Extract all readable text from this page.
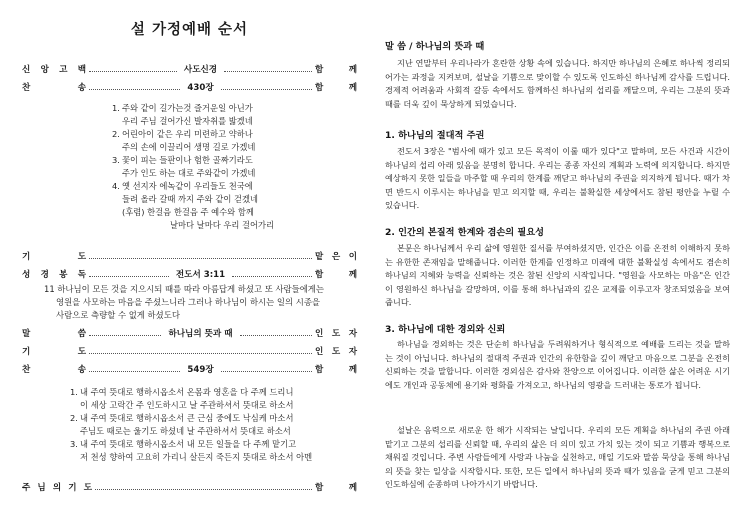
설 가정예배 순서
신 앙 고 백	사도신경	함	께
찬	송	430장	함	께
1. 주와 같이 길가는것 즐거운일 아닌가
우리 주님 걸어가신 발자취를 밟겠네
2. 어린아이 같은 우리 미련하고 약하나
주의 손에 이끌리어 생명 길로 가겠네
3. 꽃이 피는 들판이나 험한 골짜기라도
주가 인도 하는 대로 주와같이 가겠네
4. 옛 선지자 에녹같이 우리들도 천국에
들려 올라 갈때 까지 주와 같이 걷겠네
(후렴) 한걸음 한걸음 주 예수와 함께
날마다 날마다 우리 걸어가리
기	도	맡 은 이
성 경 봉 독	전도서 3:11	함	께
11 하나님이 모든 것을 지으시되 때를 따라 아름답게 하셨고 또 사람들에게는
영원을 사모하는 마음을 주셨느니라 그러나 하나님이 하시는 일의 시종을
사람으로 측량할 수 없게 하셨도다
말	씀	하나님의 뜻과 때	인 도 자
기	도	인 도 자
찬	송	549장	함	께
1. 내 주여 뜻대로 행하시옵소서 온몸과 영혼을 다 주께 드리니
이 세상 고락간 주 인도하시고 날 주관하셔서 뜻대로 하소서
2. 내 주여 뜻대로 행하시옵소서 큰 근심 중에도 낙심케 마소서
주님도 때로는 울기도 하셨네 날 주관하셔서 뜻대로 하소서
3. 내 주여 뜻대로 행하시옵소서 내 모든 일들을 다 주께 맡기고
저 천성 향하여 고요히 가리니 살든지 죽든지 뜻대로 하소서 아멘
주 님 의 기 도	함	께
말 씀 / 하나님의 뜻과 때
지난 연말부터 우리나라가 혼란한 상황 속에 있습니다. 하지만 하나님의 은혜로 하나씩 정리되어가는 과정을 지켜보며, 설날을 기쁨으로 맞이할 수 있도록 인도하신 하나님께 감사를 드립니다. 경제적 어려움과 사회적 갈등 속에서도 함께하신 하나님의 섭리를 깨달으며, 우리는 그분의 뜻과 때를 더욱 깊이 묵상하게 되었습니다.
1. 하나님의 절대적 주권
전도서 3장은 "범사에 때가 있고 모든 목적이 이룰 때가 있다"고 말하며, 모든 사건과 시간이 하나님의 섭리 아래 있음을 분명히 합니다. 우리는 종종 자신의 계획과 노력에 의지합니다. 하지만 예상하지 못한 일들을 마주할 때 우리의 한계를 깨닫고 하나님의 주권을 의지하게 됩니다. 때가 차면 반드시 이루시는 하나님을 믿고 의지할 때, 우리는 불확실한 세상에서도 참된 평안을 누릴 수 있습니다.
2. 인간의 본질적 한계와 겸손의 필요성
본문은 하나님께서 우리 삶에 영원한 질서를 부여하셨지만, 인간은 이를 온전히 이해하지 못하는 유한한 존재임을 말해줍니다. 이러한 한계를 인정하고 미래에 대한 불확실성 속에서도 겸손히 하나님의 지혜와 능력을 신뢰하는 것은 참된 신앙의 시작입니다. "영원을 사모하는 마음"은 인간이 영원하신 하나님을 갈망하며, 이를 통해 하나님과의 깊은 교제를 이루고자 창조되었음을 보여줍니다.
3. 하나님에 대한 경외와 신뢰
하나님을 경외하는 것은 단순히 하나님을 두려워하거나 형식적으로 예배를 드리는 것을 말하는 것이 아닙니다. 하나님의 절대적 주권과 인간의 유한함을 깊이 깨닫고 마음으로 그분을 온전히 신뢰하는 것을 말합니다. 이러한 경외심은 감사와 찬양으로 이어집니다. 이러한 삶은 어려운 시기에도 개인과 공동체에 용기와 평화를 가져오고, 하나님의 영광을 드러내는 통로가 됩니다.
설날은 음력으로 새로운 한 해가 시작되는 날입니다. 우리의 모든 계획을 하나님의 주권 아래 맡기고 그분의 섭리를 신뢰할 때, 우리의 삶은 더 의미 있고 가치 있는 것이 되고 기쁨과 행복으로 채워질 것입니다. 주변 사람들에게 사랑과 나눔을 실천하고, 매일 기도와 말씀 묵상을 통해 하나님의 뜻을 찾는 일상을 시작합시다. 또한, 모든 일에서 하나님의 뜻과 때가 있음을 굳게 믿고 그분의 인도하심에 순종하며 나아가시기 바랍니다.
